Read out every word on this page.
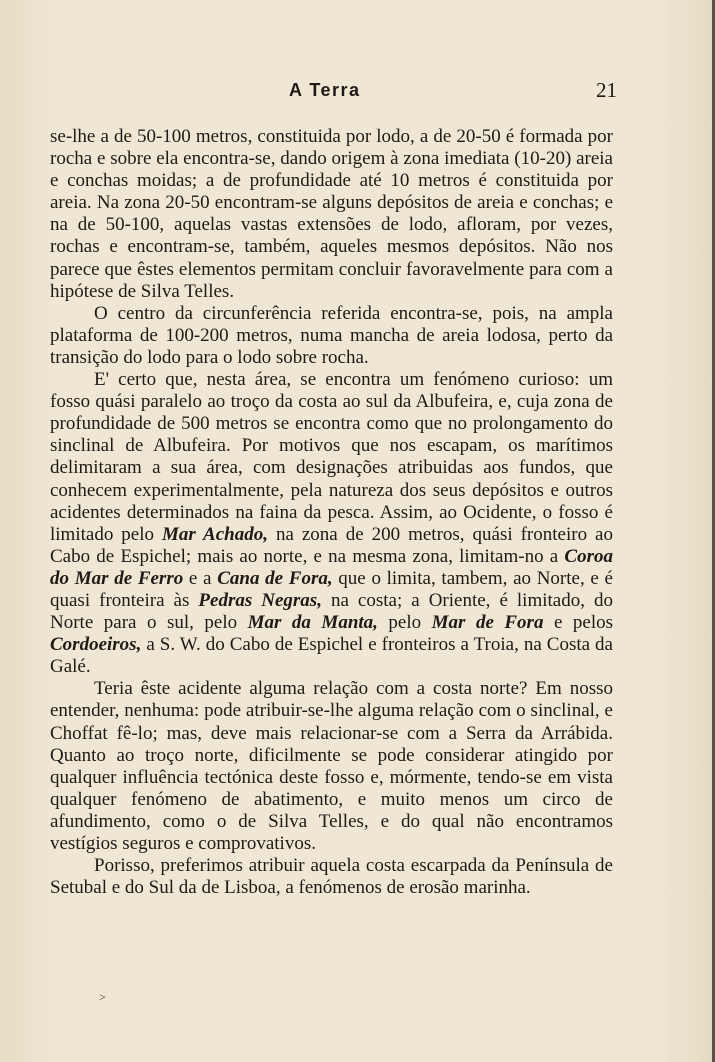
A Terra	21

se-lhe a de 50-100 metros, constituida por lodo, a de 20-50 é formada por rocha e sobre ela encontra-se, dando origem à zona imediata (10-20) areia e conchas moidas; a de profundidade até 10 metros é constituida por areia. Na zona 20-50 encontram-se alguns depósitos de areia e conchas; e na de 50-100, aquelas vastas extensões de lodo, afloram, por vezes, rochas e encontram-se, também, aqueles mesmos depósitos. Não nos parece que êstes elementos permitam concluir favoravelmente para com a hipótese de Silva Telles.

O centro da circunferência referida encontra-se, pois, na ampla plataforma de 100-200 metros, numa mancha de areia lodosa, perto da transição do lodo para o lodo sobre rocha.

E' certo que, nesta área, se encontra um fenómeno curioso: um fosso quási paralelo ao troço da costa ao sul da Albufeira, e, cuja zona de profundidade de 500 metros se encontra como que no prolongamento do sinclinal de Albufeira. Por motivos que nos escapam, os marítimos delimitaram a sua área, com designações atribuidas aos fundos, que conhecem experimentalmente, pela natureza dos seus depósitos e outros acidentes determinados na faina da pesca. Assim, ao Ocidente, o fosso é limitado pelo Mar Achado, na zona de 200 metros, quási fronteiro ao Cabo de Espichel; mais ao norte, e na mesma zona, limitam-no a Coroa do Mar de Ferro e a Cana de Fora, que o limita, tambem, ao Norte, e é quasi fronteira às Pedras Negras, na costa; a Oriente, é limitado, do Norte para o sul, pelo Mar da Manta, pelo Mar de Fora e pelos Cordoeiros, a S. W. do Cabo de Espichel e fronteiros a Troia, na Costa da Galé.

Teria êste acidente alguma relação com a costa norte? Em nosso entender, nenhuma: pode atribuir-se-lhe alguma relação com o sinclinal, e Choffat fê-lo; mas, deve mais relacionar-se com a Serra da Arrábida. Quanto ao troço norte, dificilmente se pode considerar atingido por qualquer influência tectónica deste fosso e, mórmente, tendo-se em vista qualquer fenómeno de abatimento, e muito menos um circo de afundimento, como o de Silva Telles, e do qual não encontramos vestígios seguros e comprovativos.

Porisso, preferimos atribuir aquela costa escarpada da Península de Setubal e do Sul da de Lisboa, a fenómenos de erosão marinha.

>
